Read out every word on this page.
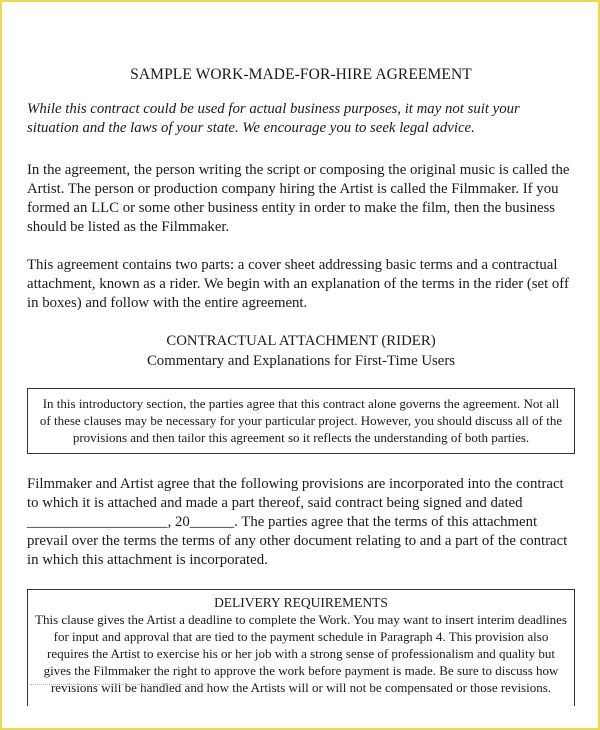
SAMPLE WORK-MADE-FOR-HIRE AGREEMENT

While this contract could be used for actual business purposes, it may not suit your situation and the laws of your state. We encourage you to seek legal advice.

In the agreement, the person writing the script or composing the original music is called the Artist. The person or production company hiring the Artist is called the Filmmaker. If you formed an LLC or some other business entity in order to make the film, then the business should be listed as the Filmmaker.

This agreement contains two parts: a cover sheet addressing basic terms and a contractual attachment, known as a rider. We begin with an explanation of the terms in the rider (set off in boxes) and follow with the entire agreement.

CONTRACTUAL ATTACHMENT (RIDER)
Commentary and Explanations for First-Time Users
In this introductory section, the parties agree that this contract alone governs the agreement. Not all of these clauses may be necessary for your particular project. However, you should discuss all of the provisions and then tailor this agreement so it reflects the understanding of both parties.

Filmmaker and Artist agree that the following provisions are incorporated into the contract to which it is attached and made a part thereof, said contract being signed and dated ___________________, 20______. The parties agree that the terms of this attachment prevail over the terms the terms of any other document relating to and a part of the contract in which this attachment is incorporated.

DELIVERY REQUIREMENTS
This clause gives the Artist a deadline to complete the Work. You may want to insert interim deadlines for input and approval that are tied to the payment schedule in Paragraph 4. This provision also requires the Artist to exercise his or her job with a strong sense of professionalism and quality but gives the Filmmaker the right to approve the work before payment is made. Be sure to discuss how revisions will be handled and how the Artists will or will not be compensated or those revisions.
